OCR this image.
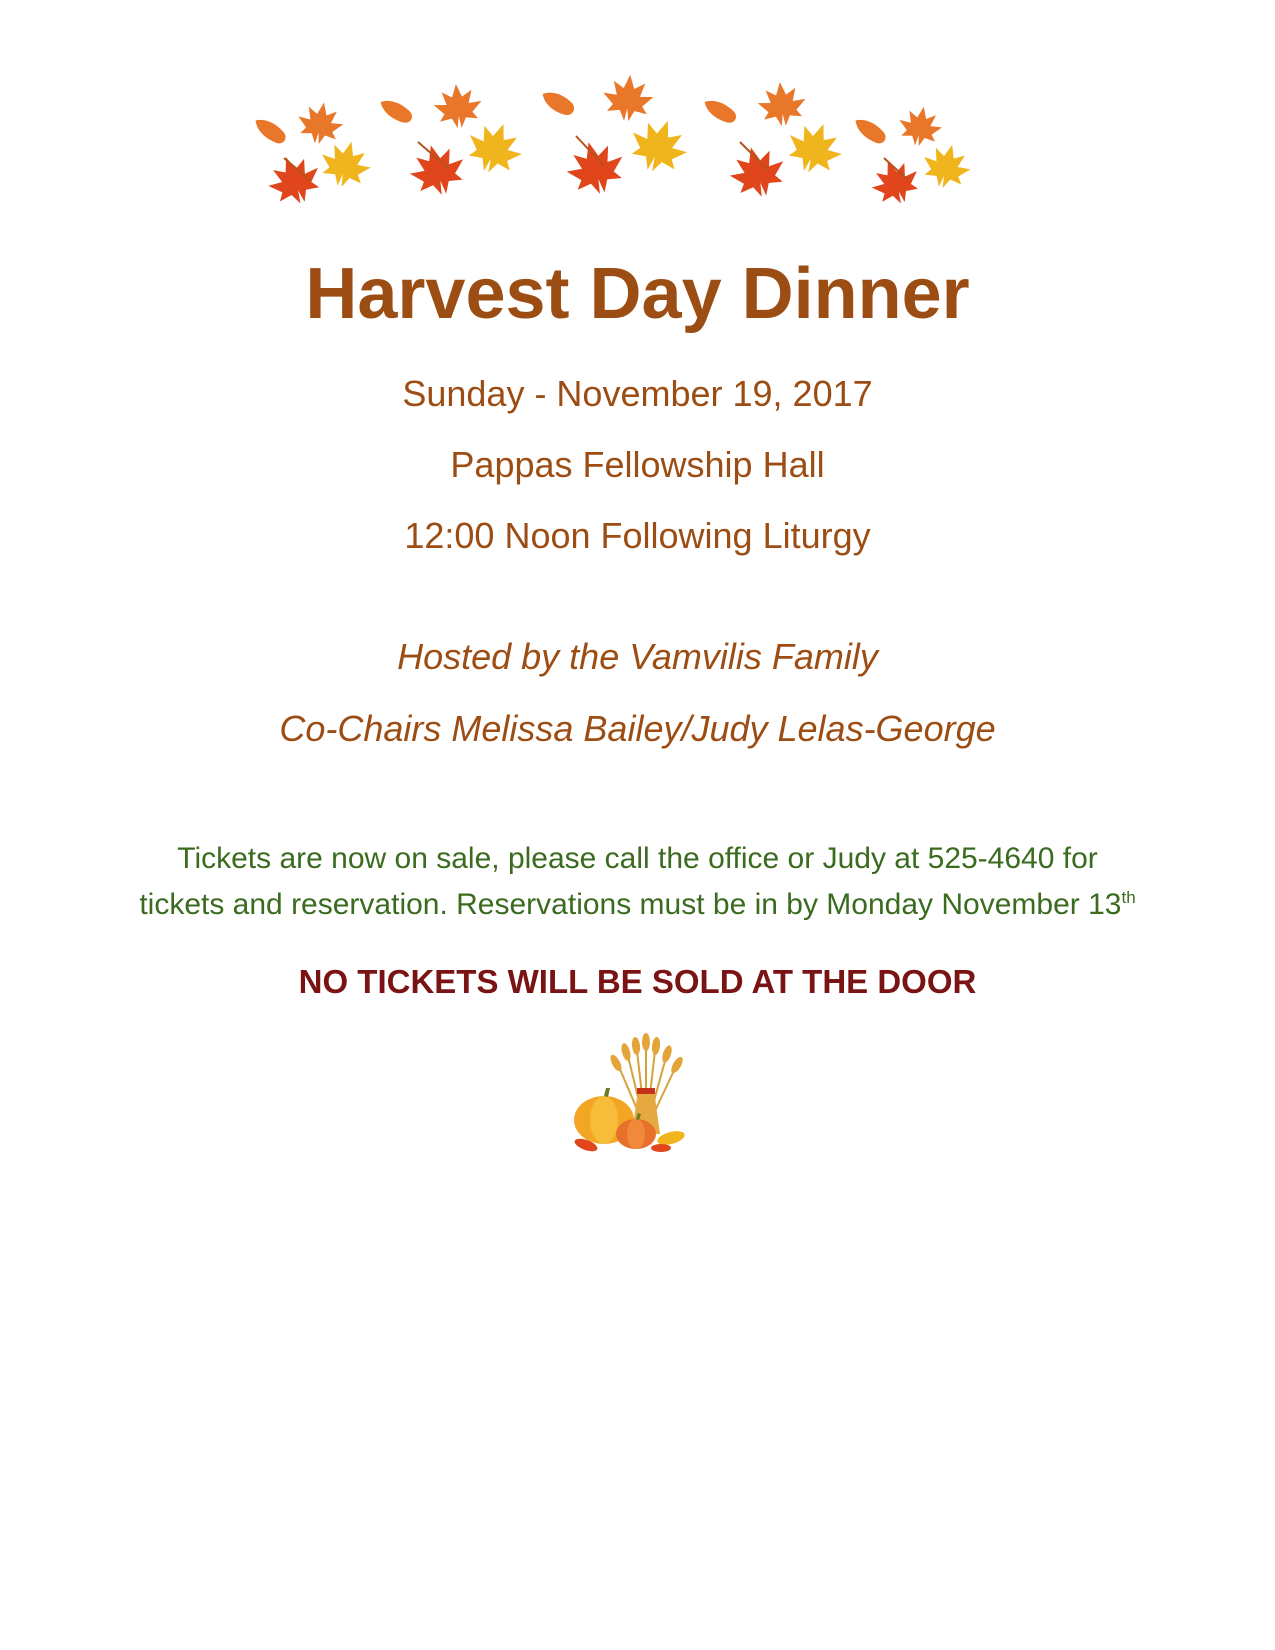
Harvest Day Dinner
Sunday - November 19, 2017
Pappas Fellowship Hall
12:00 Noon Following Liturgy
Hosted by the Vamvilis Family
Co-Chairs Melissa Bailey/Judy Lelas-George
Tickets are now on sale, please call the office or Judy at 525-4640 for
tickets and reservation. Reservations must be in by Monday November 13th
NO TICKETS WILL BE SOLD AT THE DOOR
